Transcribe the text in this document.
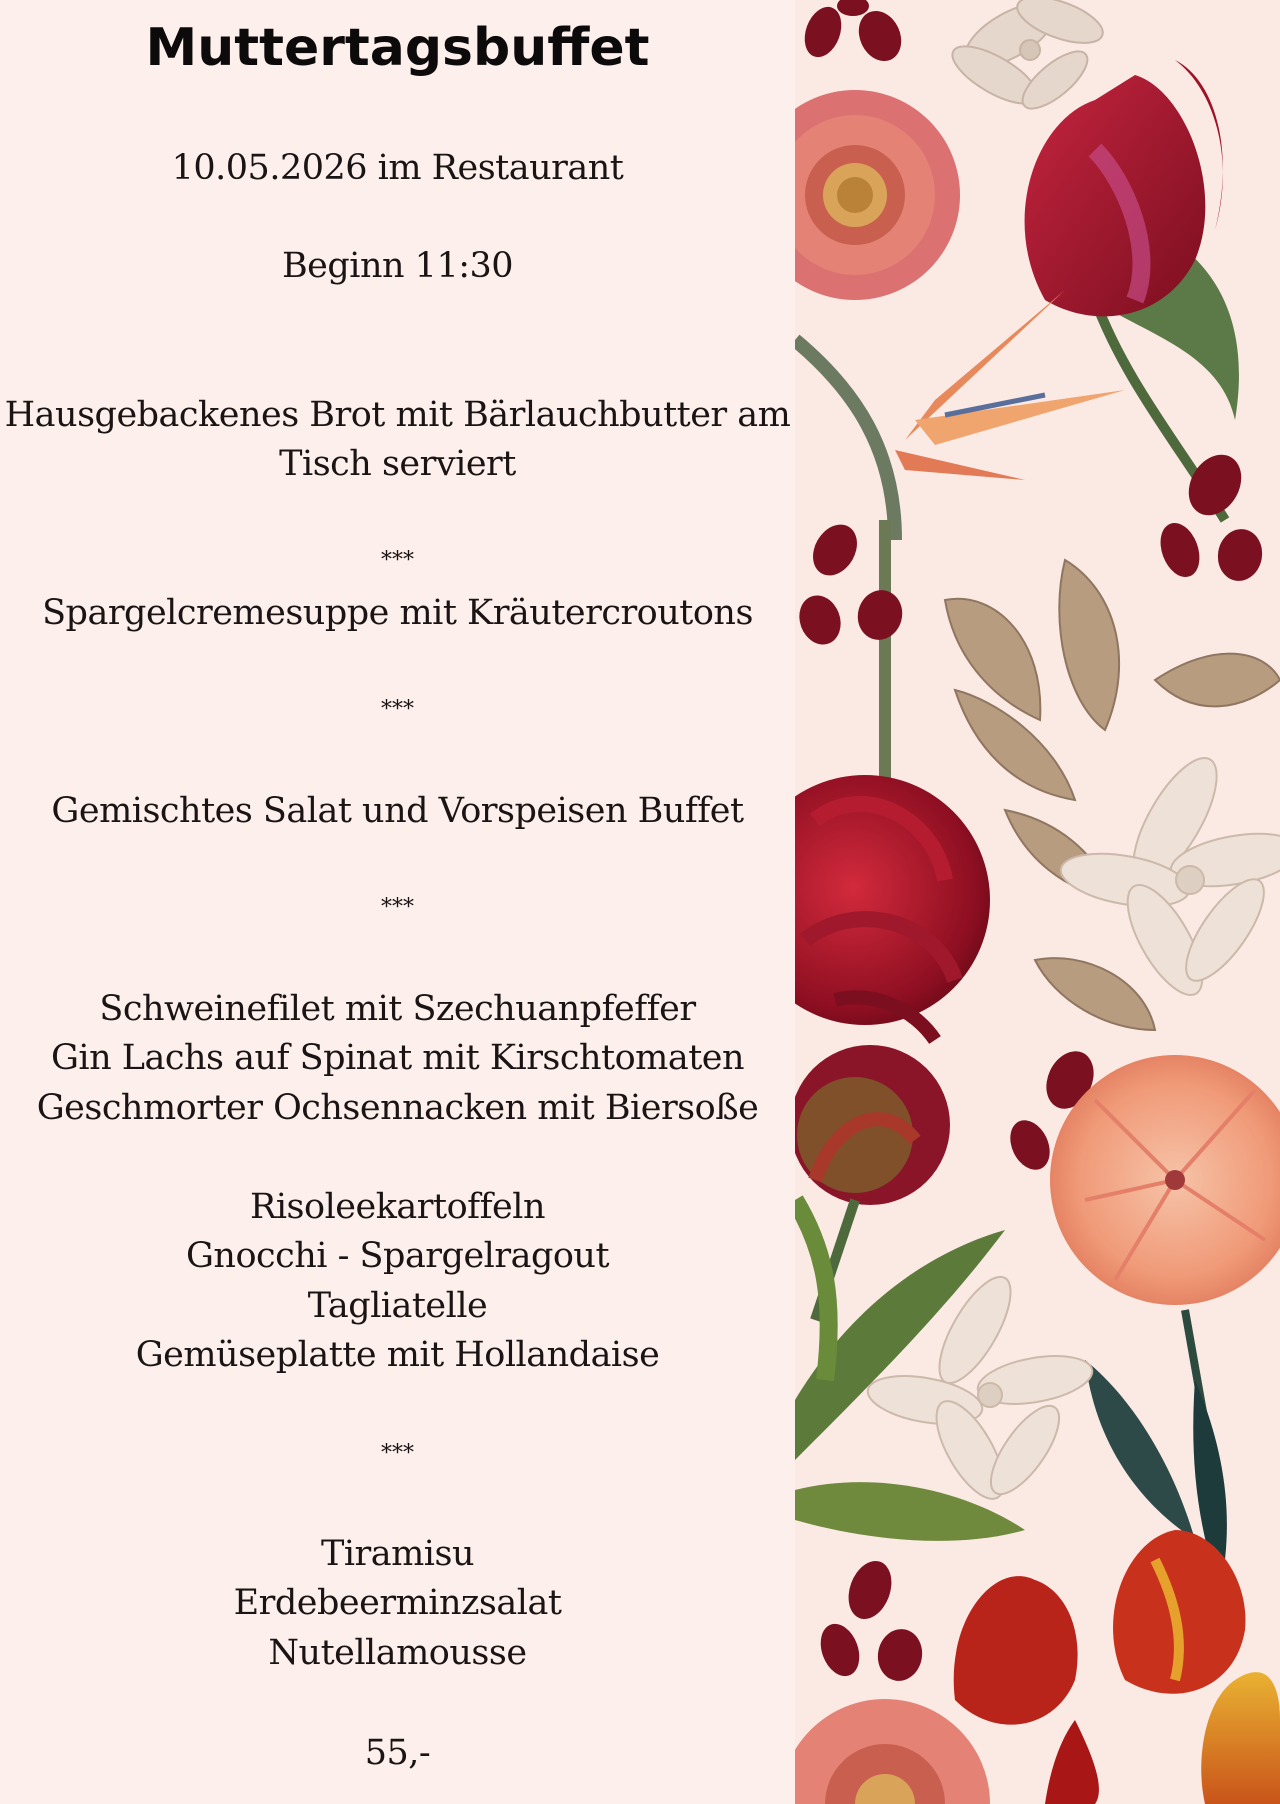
Muttertagsbuffet
10.05.2026 im Restaurant
Beginn 11:30
Hausgebackenes Brot mit Bärlauchbutter am
Tisch serviert
***
Spargelcremesuppe mit Kräutercroutons
***
Gemischtes Salat und Vorspeisen Buffet
***
Schweinefilet mit Szechuanpfeffer
Gin Lachs auf Spinat mit Kirschtomaten
Geschmorter Ochsennacken mit Biersoße
Risoleekartoffeln
Gnocchi - Spargelragout
Tagliatelle
Gemüseplatte mit Hollandaise
***
Tiramisu
Erdebeerminzsalat
Nutellamousse
55,-
